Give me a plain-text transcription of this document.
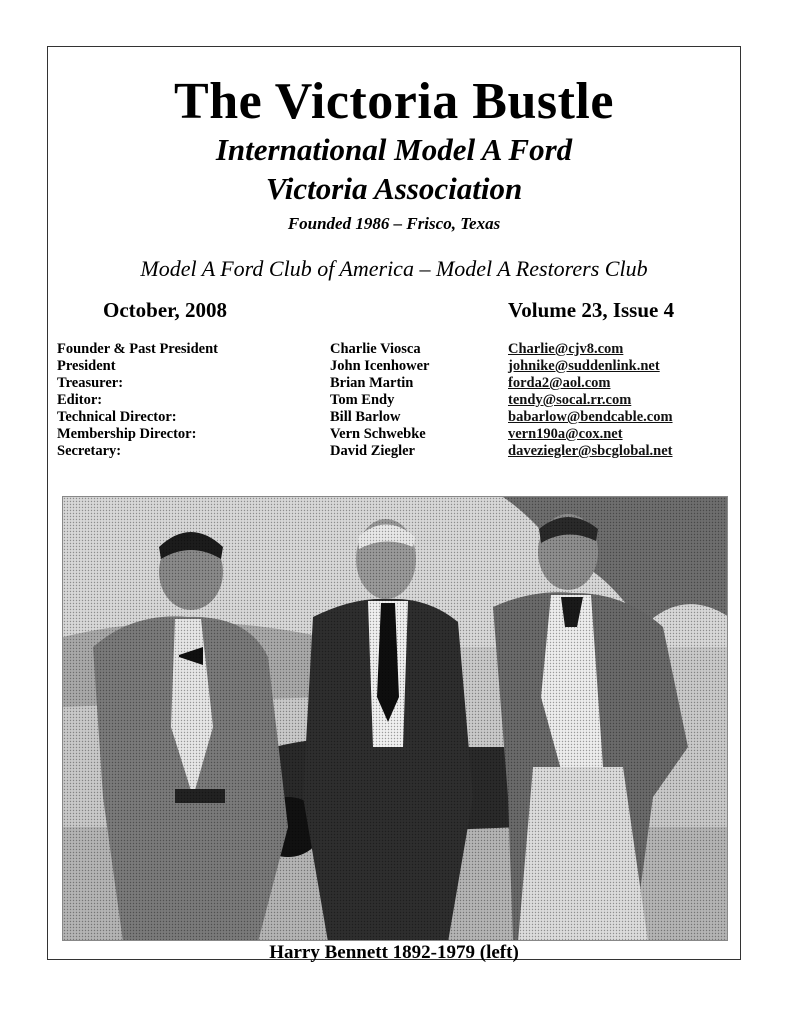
The Victoria Bustle
International Model A Ford
Victoria Association
Founded 1986 – Frisco, Texas
Model A Ford Club of America – Model A Restorers Club
October, 2008	Volume 23, Issue 4
Founder & Past President
President
Treasurer:
Editor:
Technical Director:
Membership Director:
Secretary:
Charlie Viosca
John Icenhower
Brian Martin
Tom Endy
Bill Barlow
Vern Schwebke
David Ziegler
Charlie@cjv8.com
johnike@suddenlink.net
forda2@aol.com
tendy@socal.rr.com
babarlow@bendcable.com
vern190a@cox.net
daveziegler@sbcglobal.net
Harry Bennett 1892-1979 (left)
